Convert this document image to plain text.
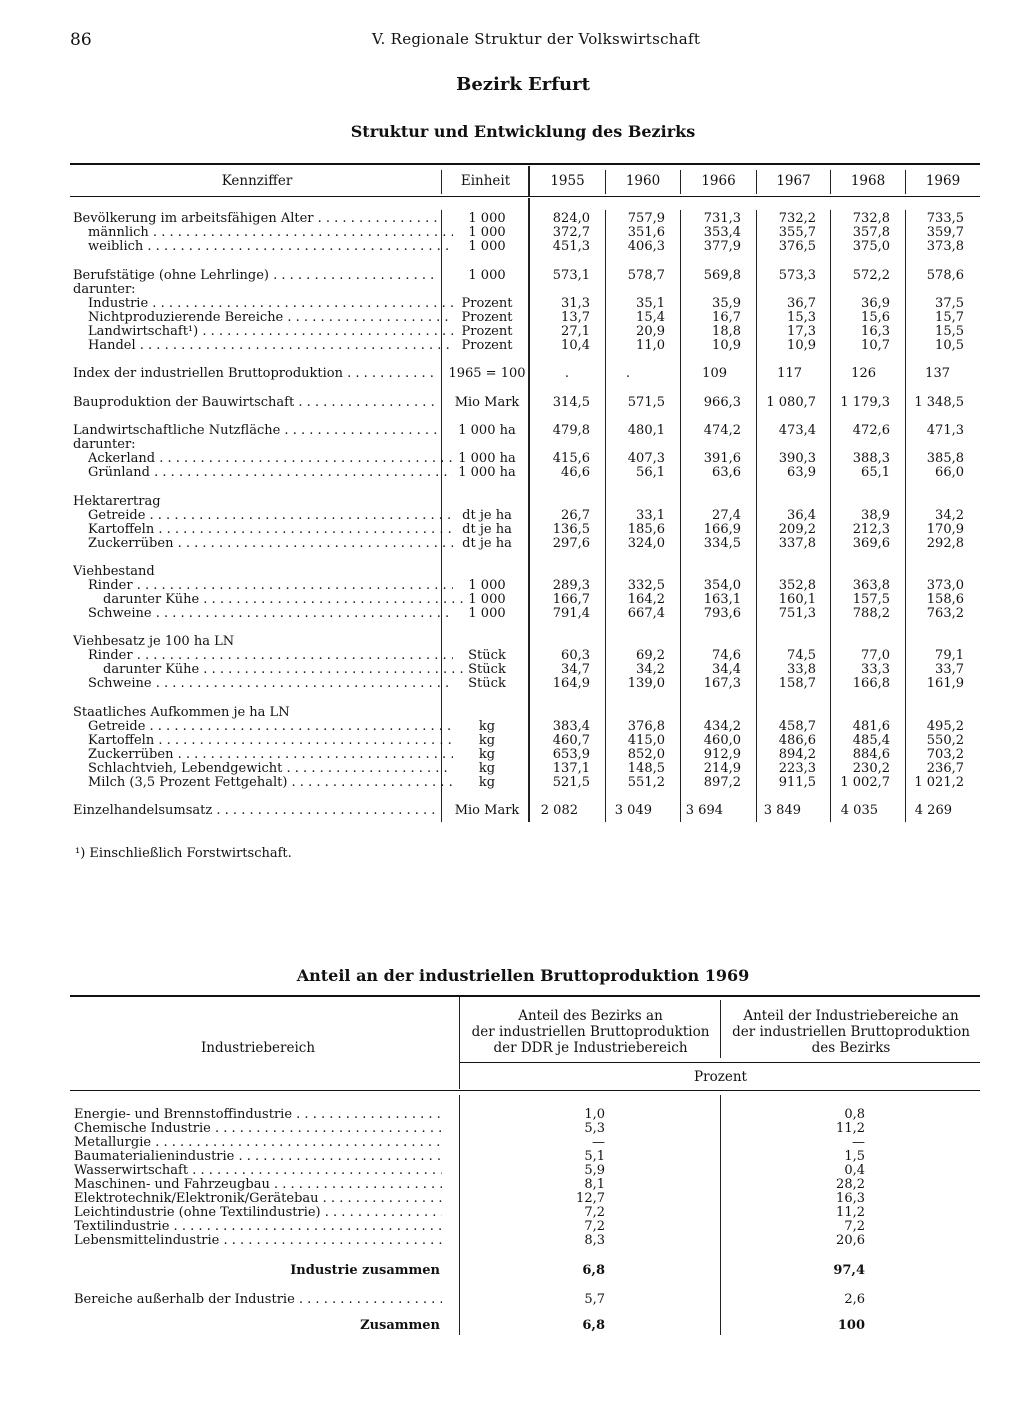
86	V. Regionale Struktur der Volkswirtschaft
Bezirk Erfurt
Struktur und Entwicklung des Bezirks
Kennziffer	Einheit	1955	1960	1966	1967	1968	1969
Bevölkerung im arbeitsfähigen Alter . . .	1 000	824,0	757,9	731,3	732,2	732,8	733,5
männlich . . .	1 000	372,7	351,6	353,4	355,7	357,8	359,7
weiblich . . .	1 000	451,3	406,3	377,9	376,5	375,0	373,8
Berufstätige (ohne Lehrlinge) . . .	1 000	573,1	578,7	569,8	573,3	572,2	578,6
darunter:
Industrie . . .	Prozent	31,3	35,1	35,9	36,7	36,9	37,5
Nichtproduzierende Bereiche . . .	Prozent	13,7	15,4	16,7	15,3	15,6	15,7
Landwirtschaft¹) . . .	Prozent	27,1	20,9	18,8	17,3	16,3	15,5
Handel . . .	Prozent	10,4	11,0	10,9	10,9	10,7	10,5
Index der industriellen Bruttoproduktion . . .	1965 = 100	.	.	109	117	126	137
Bauproduktion der Bauwirtschaft . . .	Mio Mark	314,5	571,5	966,3	1 080,7	1 179,3	1 348,5
Landwirtschaftliche Nutzfläche . . .	1 000 ha	479,8	480,1	474,2	473,4	472,6	471,3
darunter:
Ackerland . . .	1 000 ha	415,6	407,3	391,6	390,3	388,3	385,8
Grünland . . .	1 000 ha	46,6	56,1	63,6	63,9	65,1	66,0
Hektarertrag
Getreide . . .	dt je ha	26,7	33,1	27,4	36,4	38,9	34,2
Kartoffeln . . .	dt je ha	136,5	185,6	166,9	209,2	212,3	170,9
Zuckerrüben . . .	dt je ha	297,6	324,0	334,5	337,8	369,6	292,8
Viehbestand
Rinder . . .	1 000	289,3	332,5	354,0	352,8	363,8	373,0
darunter Kühe . . .	1 000	166,7	164,2	163,1	160,1	157,5	158,6
Schweine . . .	1 000	791,4	667,4	793,6	751,3	788,2	763,2
Viehbesatz je 100 ha LN
Rinder . . .	Stück	60,3	69,2	74,6	74,5	77,0	79,1
darunter Kühe . . .	Stück	34,7	34,2	34,4	33,8	33,3	33,7
Schweine . . .	Stück	164,9	139,0	167,3	158,7	166,8	161,9
Staatliches Aufkommen je ha LN
Getreide . . .	kg	383,4	376,8	434,2	458,7	481,6	495,2
Kartoffeln . . .	kg	460,7	415,0	460,0	486,6	485,4	550,2
Zuckerrüben . . .	kg	653,9	852,0	912,9	894,2	884,6	703,2
Schlachtvieh, Lebendgewicht . . .	kg	137,1	148,5	214,9	223,3	230,2	236,7
Milch (3,5 Prozent Fettgehalt) . . .	kg	521,5	551,2	897,2	911,5	1 002,7	1 021,2
Einzelhandelsumsatz . . .	Mio Mark	2 082	3 049	3 694	3 849	4 035	4 269
¹) Einschließlich Forstwirtschaft.
Anteil an der industriellen Bruttoproduktion 1969
Industriebereich
Anteil des Bezirks an
der industriellen Bruttoproduktion
der DDR je Industriebereich
Anteil der Industriebereiche an
der industriellen Bruttoproduktion
des Bezirks
Prozent
Energie- und Brennstoffindustrie . . .	1,0	0,8
Chemische Industrie . . .	5,3	11,2
Metallurgie . . .	—	—
Baumaterialienindustrie . . .	5,1	1,5
Wasserwirtschaft . . .	5,9	0,4
Maschinen- und Fahrzeugbau . . .	8,1	28,2
Elektrotechnik/Elektronik/Gerätebau . . .	12,7	16,3
Leichtindustrie (ohne Textilindustrie) . . .	7,2	11,2
Textilindustrie . . .	7,2	7,2
Lebensmittelindustrie . . .	8,3	20,6
Industrie zusammen	6,8	97,4
Bereiche außerhalb der Industrie . . .	5,7	2,6
Zusammen	6,8	100
